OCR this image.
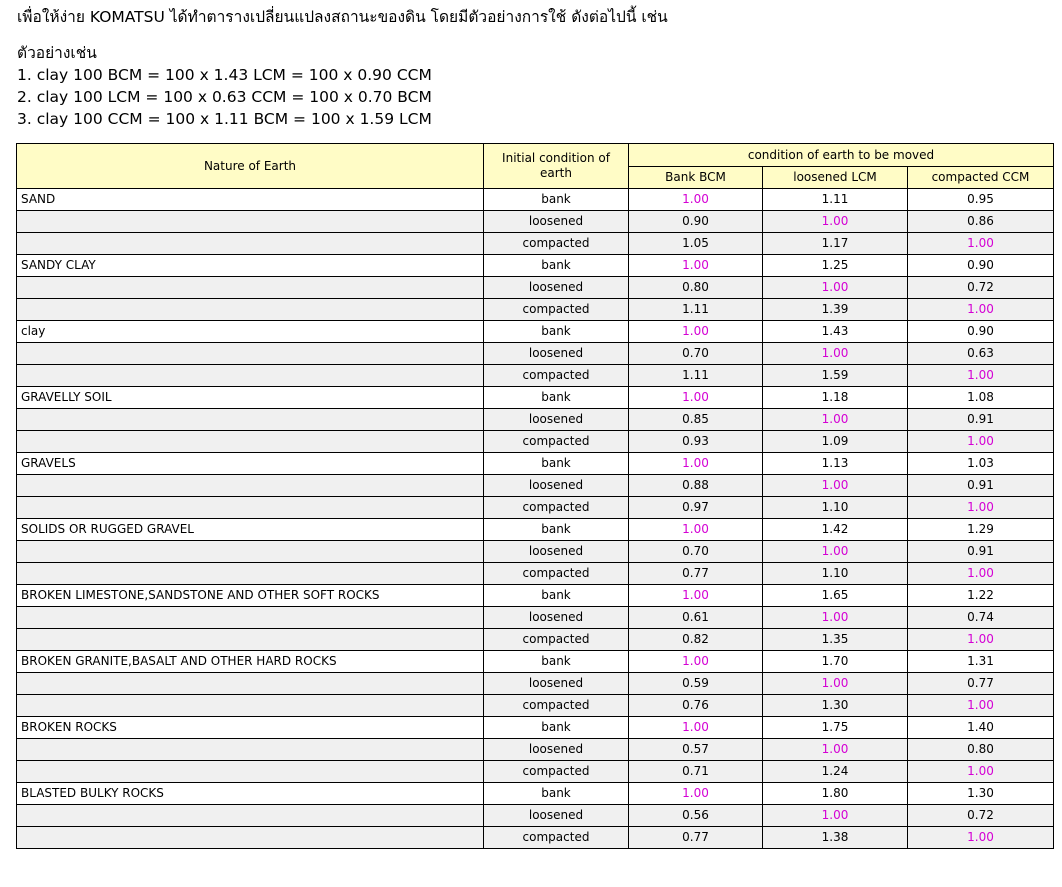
เพื่อให้ง่าย KOMATSU ได้ทำตารางเปลี่ยนแปลงสถานะของดิน โดยมีตัวอย่างการใช้ ดังต่อไปนี้ เช่น
ตัวอย่างเช่น
1. clay 100 BCM = 100 x 1.43 LCM = 100 x 0.90 CCM
2. clay 100 LCM = 100 x 0.63 CCM = 100 x 0.70 BCM
3. clay 100 CCM = 100 x 1.11 BCM = 100 x 1.59 LCM
Nature of Earth	Initial condition of earth	condition of earth to be moved		
		Bank BCM	loosened LCM	compacted CCM
SAND	bank	1.00	1.11	0.95
	loosened	0.90	1.00	0.86
	compacted	1.05	1.17	1.00
SANDY CLAY	bank	1.00	1.25	0.90
	loosened	0.80	1.00	0.72
	compacted	1.11	1.39	1.00
clay	bank	1.00	1.43	0.90
	loosened	0.70	1.00	0.63
	compacted	1.11	1.59	1.00
GRAVELLY SOIL	bank	1.00	1.18	1.08
	loosened	0.85	1.00	0.91
	compacted	0.93	1.09	1.00
GRAVELS	bank	1.00	1.13	1.03
	loosened	0.88	1.00	0.91
	compacted	0.97	1.10	1.00
SOLIDS OR RUGGED GRAVEL	bank	1.00	1.42	1.29
	loosened	0.70	1.00	0.91
	compacted	0.77	1.10	1.00
BROKEN LIMESTONE,SANDSTONE AND OTHER SOFT ROCKS	bank	1.00	1.65	1.22
	loosened	0.61	1.00	0.74
	compacted	0.82	1.35	1.00
BROKEN GRANITE,BASALT AND OTHER HARD ROCKS	bank	1.00	1.70	1.31
	loosened	0.59	1.00	0.77
	compacted	0.76	1.30	1.00
BROKEN ROCKS	bank	1.00	1.75	1.40
	loosened	0.57	1.00	0.80
	compacted	0.71	1.24	1.00
BLASTED BULKY ROCKS	bank	1.00	1.80	1.30
	loosened	0.56	1.00	0.72
	compacted	0.77	1.38	1.00
